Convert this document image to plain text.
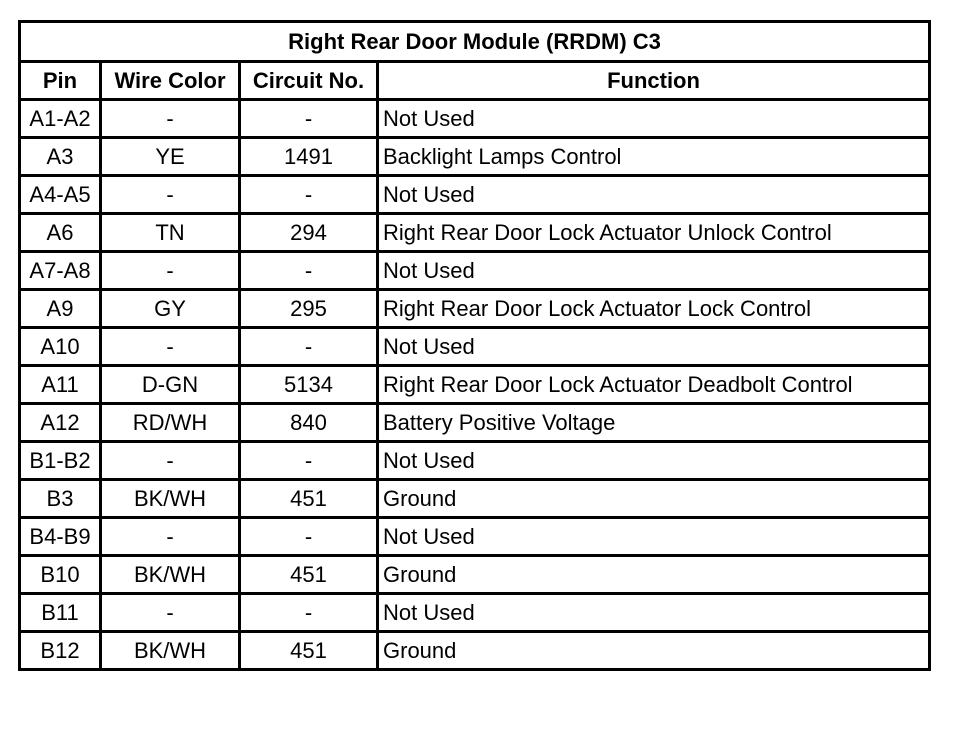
Right Rear Door Module (RRDM) C3			
Pin	Wire Color	Circuit No.	Function
A1-A2	-	-	Not Used
A3	YE	1491	Backlight Lamps Control
A4-A5	-	-	Not Used
A6	TN	294	Right Rear Door Lock Actuator Unlock Control
A7-A8	-	-	Not Used
A9	GY	295	Right Rear Door Lock Actuator Lock Control
A10	-	-	Not Used
A11	D-GN	5134	Right Rear Door Lock Actuator Deadbolt Control
A12	RD/WH	840	Battery Positive Voltage
B1-B2	-	-	Not Used
B3	BK/WH	451	Ground
B4-B9	-	-	Not Used
B10	BK/WH	451	Ground
B11	-	-	Not Used
B12	BK/WH	451	Ground
